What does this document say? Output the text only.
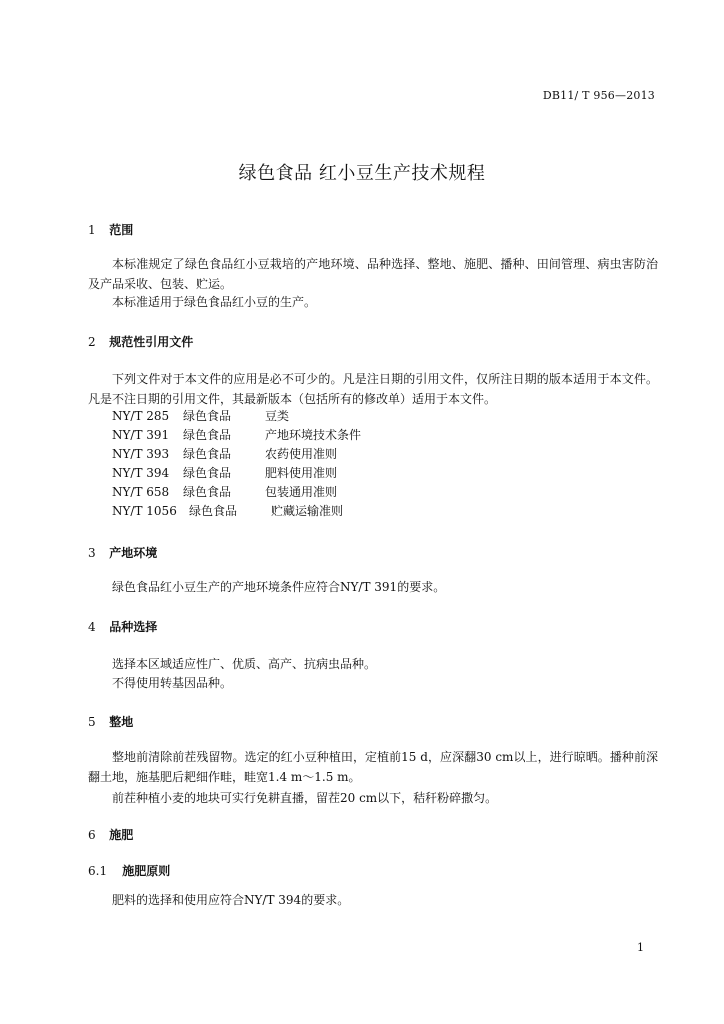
DB11/ T 956—2013
绿色食品 红小豆生产技术规程
1 范围
本标准规定了绿色食品红小豆栽培的产地环境、品种选择、整地、施肥、播种、田间管理、病虫害防治及产品采收、包装、贮运。
本标准适用于绿色食品红小豆的生产。
2 规范性引用文件
下列文件对于本文件的应用是必不可少的。凡是注日期的引用文件，仅所注日期的版本适用于本文件。凡是不注日期的引用文件，其最新版本（包括所有的修改单）适用于本文件。
NY/T 285	绿色食品	豆类
NY/T 391	绿色食品	产地环境技术条件
NY/T 393	绿色食品	农药使用准则
NY/T 394	绿色食品	肥料使用准则
NY/T 658	绿色食品	包装通用准则
NY/T 1056	绿色食品	贮藏运输准则
3 产地环境
绿色食品红小豆生产的产地环境条件应符合NY/T 391的要求。
4 品种选择
选择本区域适应性广、优质、高产、抗病虫品种。
不得使用转基因品种。
5 整地
整地前清除前茬残留物。选定的红小豆种植田，定植前15 d，应深翻30 cm以上，进行晾晒。播种前深翻土地，施基肥后耙细作畦，畦宽1.4 m～1.5 m。
前茬种植小麦的地块可实行免耕直播，留茬20 cm以下，秸秆粉碎撒匀。
6 施肥
6.1 施肥原则
肥料的选择和使用应符合NY/T 394的要求。
1
